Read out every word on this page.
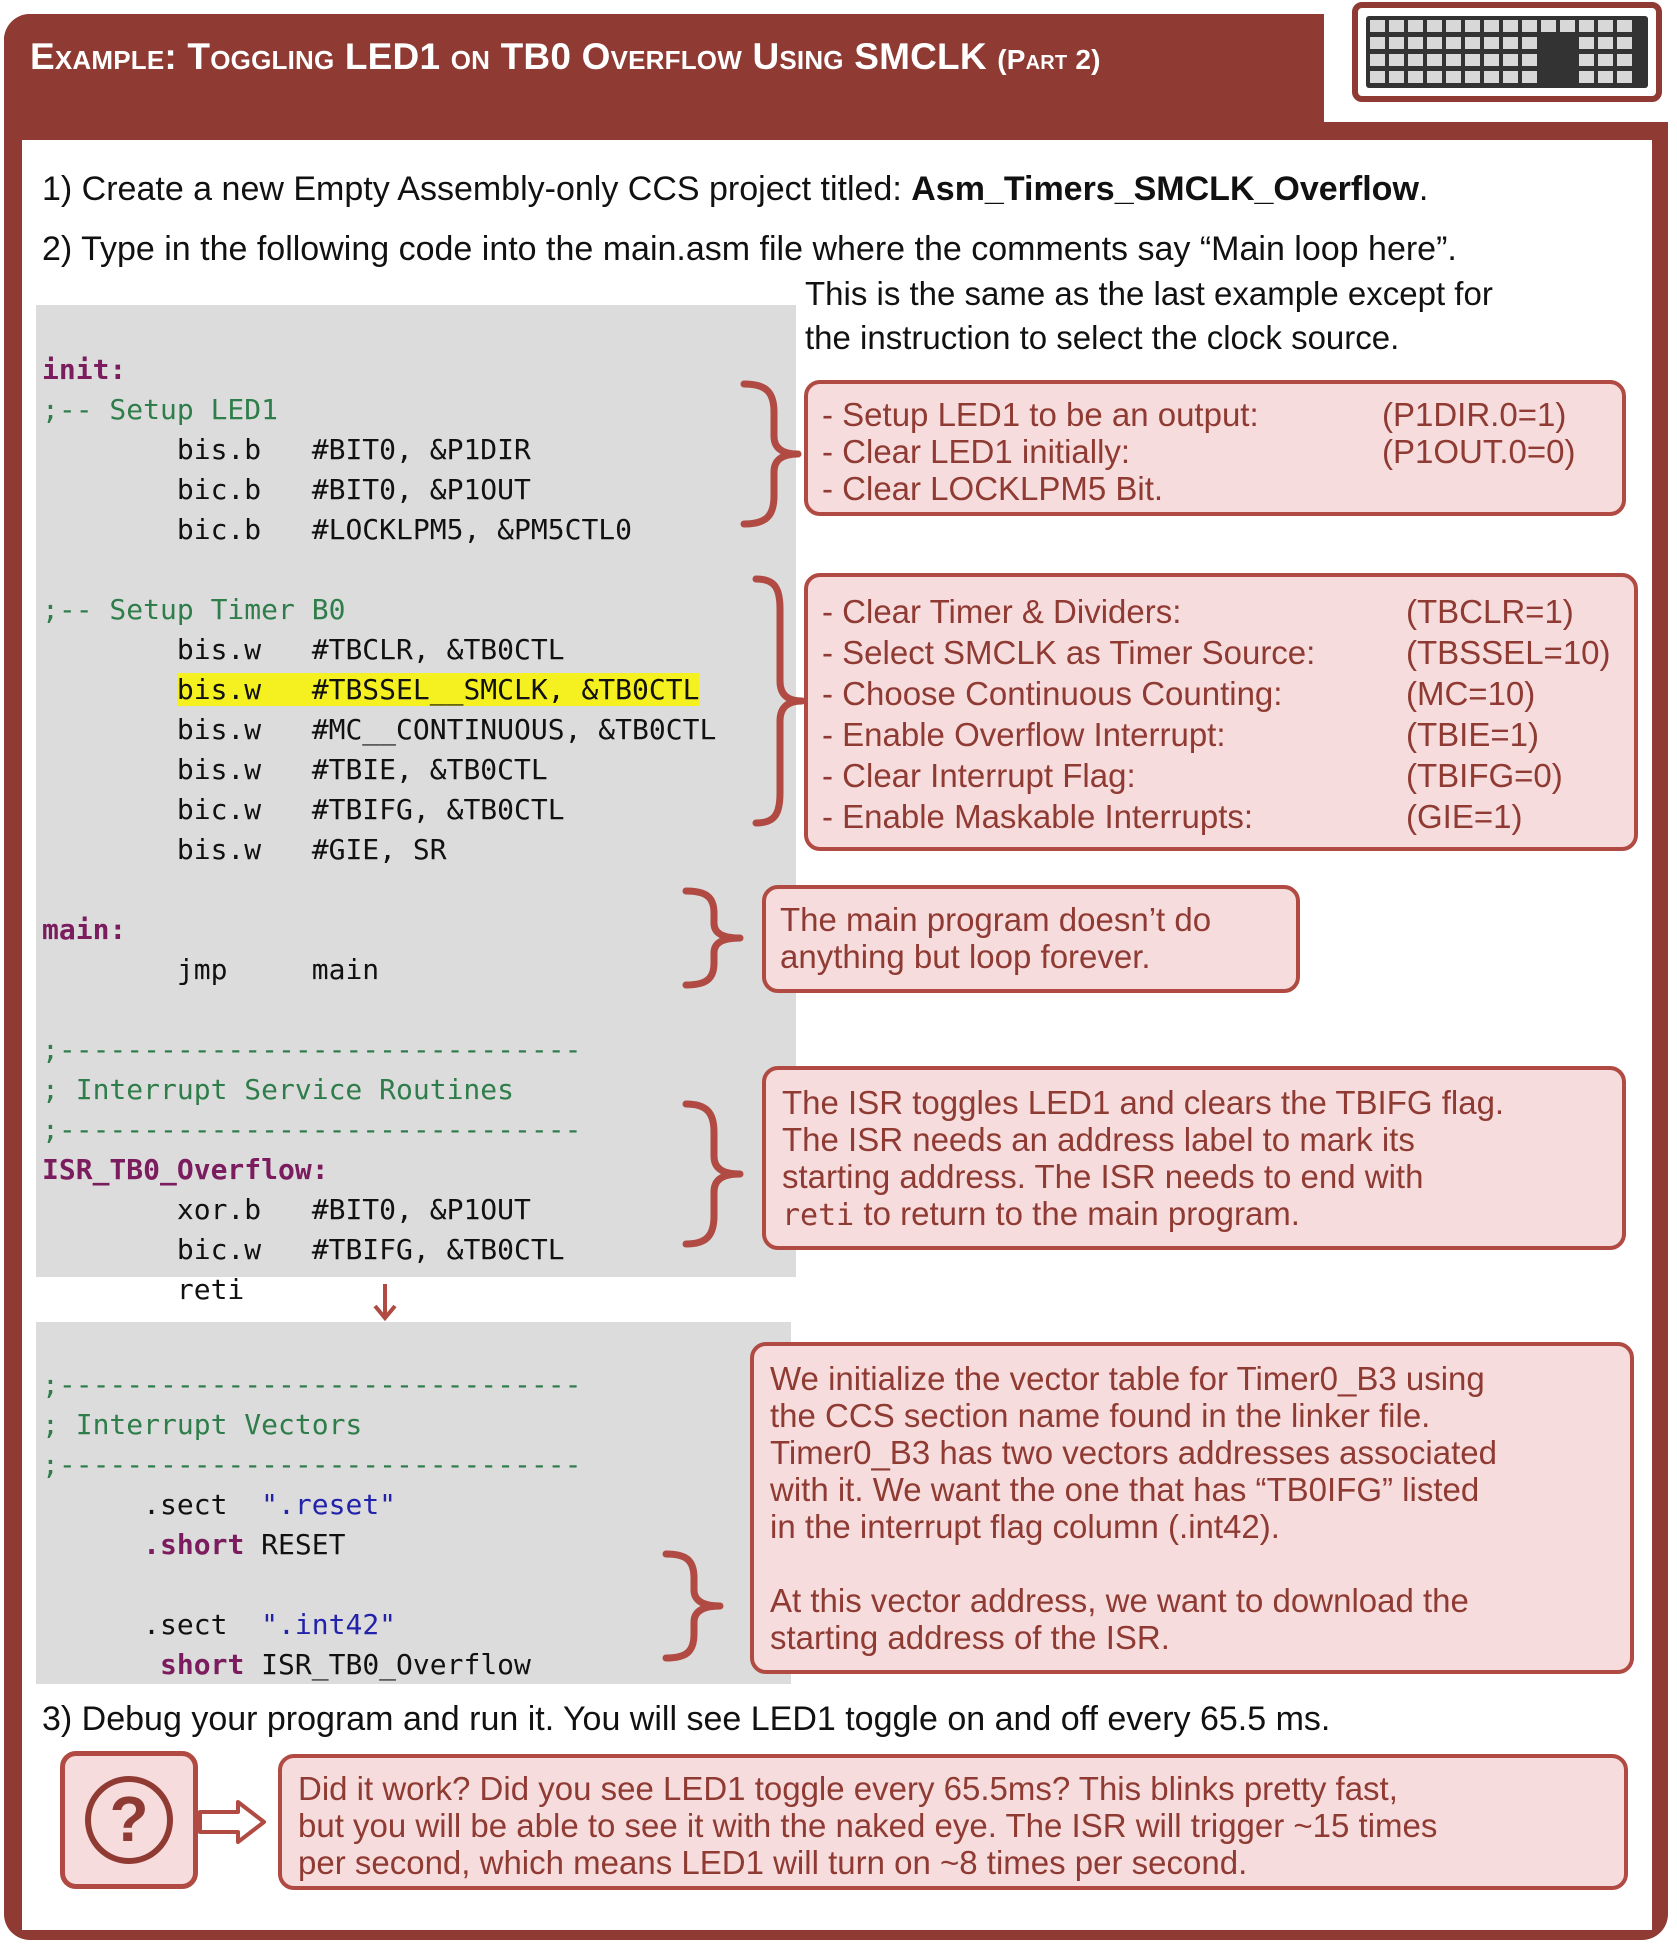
Example: Toggling LED1 on TB0 Overflow Using SMCLK (Part 2)
1) Create a new Empty Assembly-only CCS project titled: Asm_Timers_SMCLK_Overflow.
2) Type in the following code into the main.asm file where the comments say “Main loop here”.
This is the same as the last example except for
the instruction to select the clock source.

init:
;-- Setup LED1
bis.b #BIT0, &P1DIR
bic.b #BIT0, &P1OUT
bic.b #LOCKLPM5, &PM5CTL0

;-- Setup Timer B0
bis.w #TBCLR, &TB0CTL
bis.w #TBSSEL__SMCLK, &TB0CTL
bis.w #MC__CONTINUOUS, &TB0CTL
bis.w #TBIE, &TB0CTL
bic.w #TBIFG, &TB0CTL
bis.w #GIE, SR

main:
jmp	main

;-------------------------------
; Interrupt Service Routines
;-------------------------------
ISR_TB0_Overflow:
xor.b #BIT0, &P1OUT
bic.w #TBIFG, &TB0CTL
reti

;-------------------------------
; Interrupt Vectors
;-------------------------------
.sect ".reset"
.short RESET

.sect ".int42"
short ISR_TB0_Overflow
- Setup LED1 to be an output:	(P1DIR.0=1)
- Clear LED1 initially:	(P1OUT.0=0)
- Clear LOCKLPM5 Bit.
- Clear Timer & Dividers:	(TBCLR=1)
- Select SMCLK as Timer Source:	(TBSSEL=10)
- Choose Continuous Counting:	(MC=10)
- Enable Overflow Interrupt:	(TBIE=1)
- Clear Interrupt Flag:	(TBIFG=0)
- Enable Maskable Interrupts:	(GIE=1)
The main program doesn’t do
anything but loop forever.
The ISR toggles LED1 and clears the TBIFG flag.
The ISR needs an address label to mark its
starting address. The ISR needs to end with
reti to return to the main program.
We initialize the vector table for Timer0_B3 using
the CCS section name found in the linker file.
Timer0_B3 has two vectors addresses associated
with it. We want the one that has “TB0IFG” listed
in the interrupt flag column (.int42).
At this vector address, we want to download the
starting address of the ISR.
3) Debug your program and run it. You will see LED1 toggle on and off every 65.5 ms.
?	Did it work? Did you see LED1 toggle every 65.5ms? This blinks pretty fast,
but you will be able to see it with the naked eye. The ISR will trigger ~15 times
per second, which means LED1 will turn on ~8 times per second.
